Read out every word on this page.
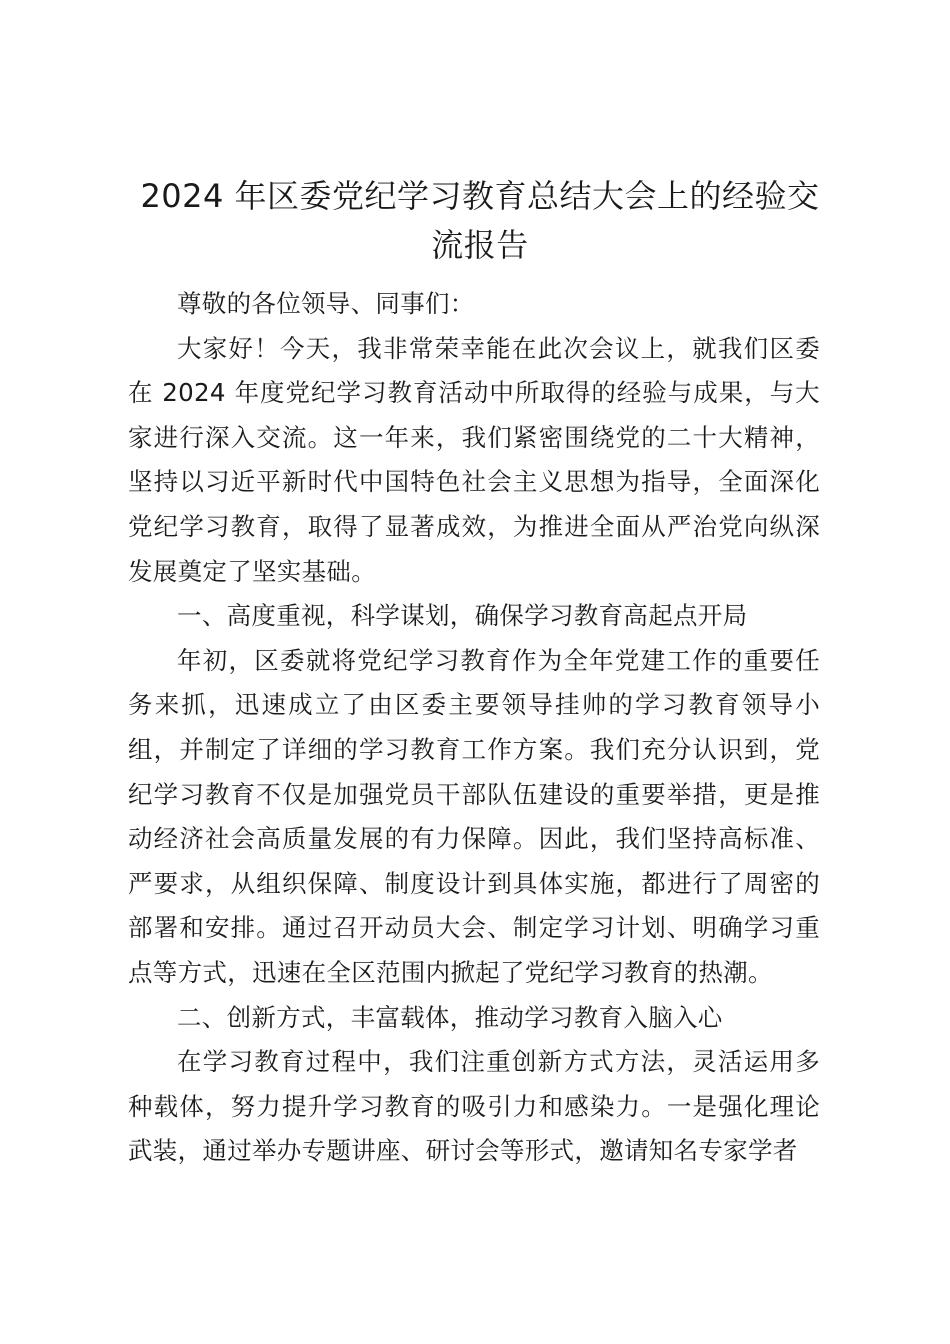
2024 年区委党纪学习教育总结大会上的经验交流报告

尊敬的各位领导、同事们：

大家好！今天，我非常荣幸能在此次会议上，就我们区委在 2024 年度党纪学习教育活动中所取得的经验与成果，与大家进行深入交流。这一年来，我们紧密围绕党的二十大精神，坚持以习近平新时代中国特色社会主义思想为指导，全面深化党纪学习教育，取得了显著成效，为推进全面从严治党向纵深发展奠定了坚实基础。

一、高度重视，科学谋划，确保学习教育高起点开局

年初，区委就将党纪学习教育作为全年党建工作的重要任务来抓，迅速成立了由区委主要领导挂帅的学习教育领导小组，并制定了详细的学习教育工作方案。我们充分认识到，党纪学习教育不仅是加强党员干部队伍建设的重要举措，更是推动经济社会高质量发展的有力保障。因此，我们坚持高标准、严要求，从组织保障、制度设计到具体实施，都进行了周密的部署和安排。通过召开动员大会、制定学习计划、明确学习重点等方式，迅速在全区范围内掀起了党纪学习教育的热潮。

二、创新方式，丰富载体，推动学习教育入脑入心

在学习教育过程中，我们注重创新方式方法，灵活运用多种载体，努力提升学习教育的吸引力和感染力。一是强化理论武装，通过举办专题讲座、研讨会等形式，邀请知名专家学者
